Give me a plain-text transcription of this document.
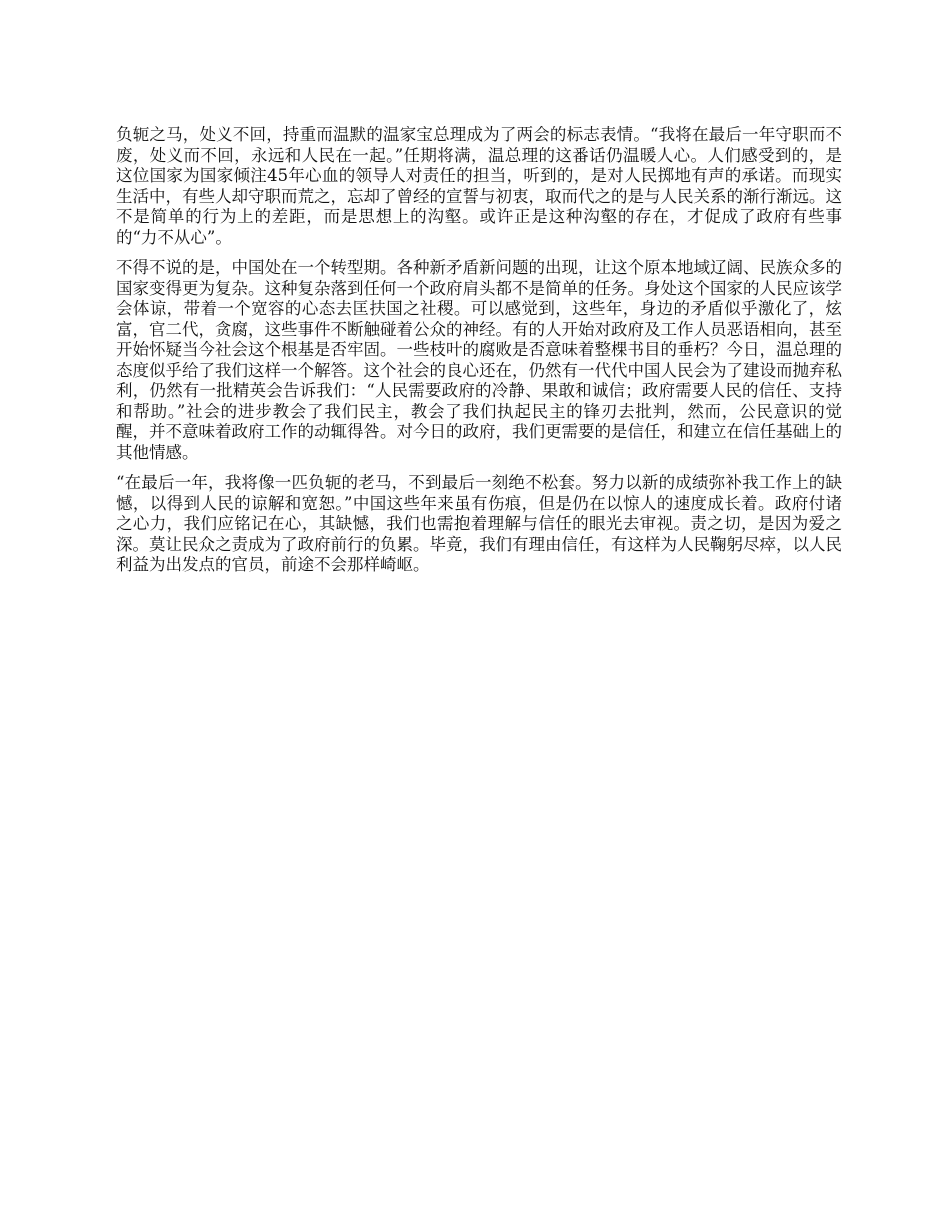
负轭之马，处义不回，持重而温默的温家宝总理成为了两会的标志表情。“我将在最后一年守职而不废，处义而不回，永远和人民在一起。”任期将满，温总理的这番话仍温暖人心。人们感受到的，是这位国家为国家倾注45年心血的领导人对责任的担当，听到的，是对人民掷地有声的承诺。而现实生活中，有些人却守职而荒之，忘却了曾经的宣誓与初衷，取而代之的是与人民关系的渐行渐远。这不是简单的行为上的差距，而是思想上的沟壑。或许正是这种沟壑的存在，才促成了政府有些事的“力不从心”。

不得不说的是，中国处在一个转型期。各种新矛盾新问题的出现，让这个原本地域辽阔、民族众多的国家变得更为复杂。这种复杂落到任何一个政府肩头都不是简单的任务。身处这个国家的人民应该学会体谅，带着一个宽容的心态去匡扶国之社稷。可以感觉到，这些年，身边的矛盾似乎激化了，炫富，官二代，贪腐，这些事件不断触碰着公众的神经。有的人开始对政府及工作人员恶语相向，甚至开始怀疑当今社会这个根基是否牢固。一些枝叶的腐败是否意味着整棵书目的垂朽？今日，温总理的态度似乎给了我们这样一个解答。这个社会的良心还在，仍然有一代代中国人民会为了建设而抛弃私利，仍然有一批精英会告诉我们：“人民需要政府的冷静、果敢和诚信；政府需要人民的信任、支持和帮助。”社会的进步教会了我们民主，教会了我们执起民主的锋刃去批判，然而，公民意识的觉醒，并不意味着政府工作的动辄得咎。对今日的政府，我们更需要的是信任，和建立在信任基础上的其他情感。

“在最后一年，我将像一匹负轭的老马，不到最后一刻绝不松套。努力以新的成绩弥补我工作上的缺憾，以得到人民的谅解和宽恕。”中国这些年来虽有伤痕，但是仍在以惊人的速度成长着。政府付诸之心力，我们应铭记在心，其缺憾，我们也需抱着理解与信任的眼光去审视。责之切，是因为爱之深。莫让民众之责成为了政府前行的负累。毕竟，我们有理由信任，有这样为人民鞠躬尽瘁，以人民利益为出发点的官员，前途不会那样崎岖。
